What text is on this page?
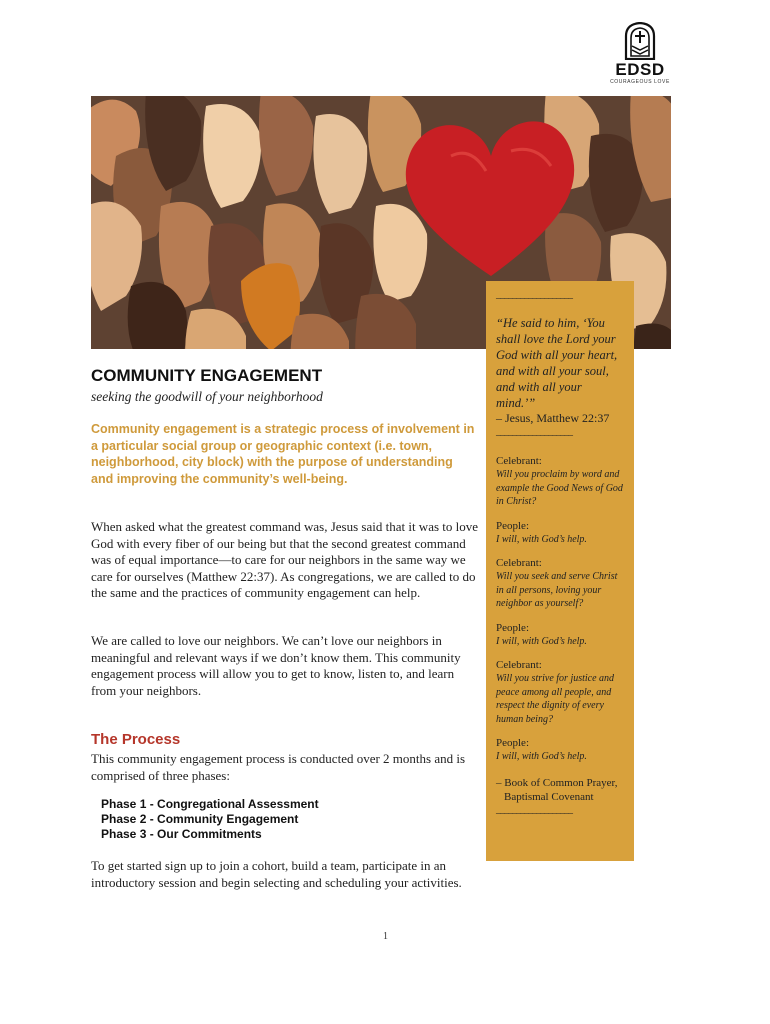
EDSD
COURAGEOUS LOVE
___________________
“He said to him, ‘You shall love the Lord your God with all your heart, and with all your soul, and with all your mind.’”
– Jesus, Matthew 22:37
___________________
Celebrant:
Will you proclaim by word and example the Good News of God in Christ?
People:
I will, with God’s help.
Celebrant:
Will you seek and serve Christ in all persons, loving your neighbor as yourself?
People:
I will, with God’s help.
Celebrant:
Will you strive for justice and peace among all people, and respect the dignity of every human being?
People:
I will, with God’s help.
– Book of Common Prayer,
Baptismal Covenant
___________________
COMMUNITY ENGAGEMENT
seeking the goodwill of your neighborhood
Community engagement is a strategic process of involvement in a particular social group or geographic context (i.e. town, neighborhood, city block) with the purpose of understanding and improving the community’s well-being.
When asked what the greatest command was, Jesus said that it was to love God with every fiber of our being but that the second greatest command was of equal importance—to care for our neighbors in the same way we care for ourselves (Matthew 22:37). As congregations, we are called to do the same and the practices of community engagement can help.
We are called to love our neighbors. We can’t love our neighbors in meaningful and relevant ways if we don’t know them. This community engagement process will allow you to get to know, listen to, and learn from your neighbors.
The Process
This community engagement process is conducted over 2 months and is comprised of three phases:
Phase 1 - Congregational Assessment
Phase 2 - Community Engagement
Phase 3 - Our Commitments
To get started sign up to join a cohort, build a team, participate in an introductory session and begin selecting and scheduling your activities.
1
